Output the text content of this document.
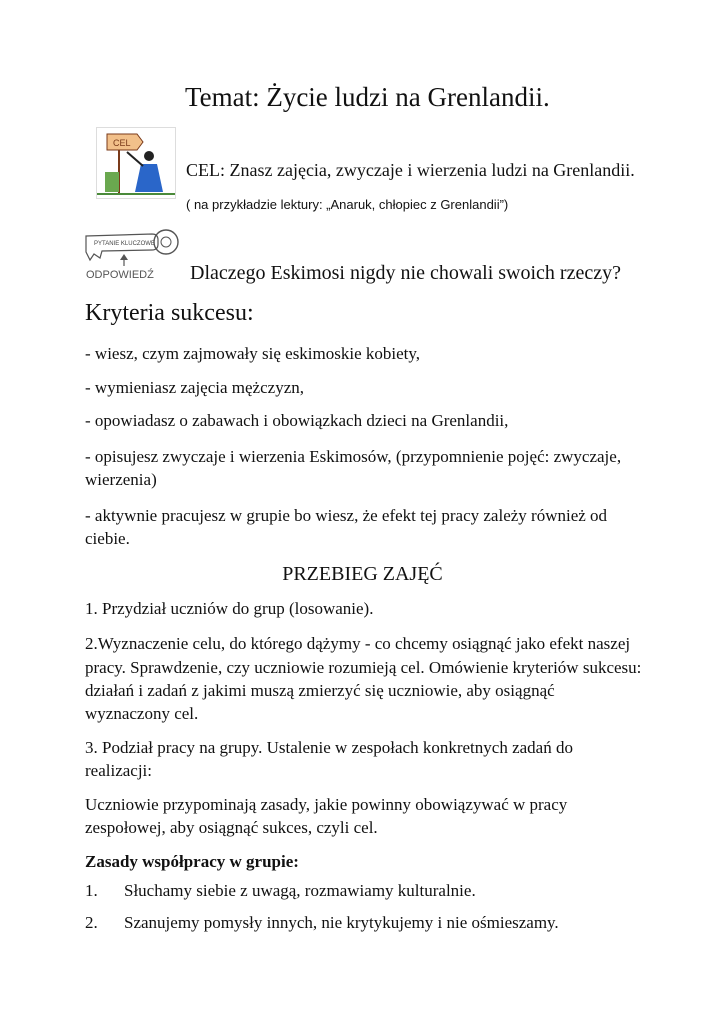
Temat: Życie ludzi na Grenlandii.
CEL
CEL: Znasz zajęcia, zwyczaje i wierzenia ludzi na Grenlandii.
( na przykładzie lektury: „Anaruk, chłopiec z Grenlandii”)
PYTANIE KLUCZOWE
ODPOWIEDŹ Dlaczego Eskimosi nigdy nie chowali swoich rzeczy?
Kryteria sukcesu:
- wiesz, czym zajmowały się eskimoskie kobiety,
- wymieniasz zajęcia mężczyzn,
- opowiadasz o zabawach i obowiązkach dzieci na Grenlandii,
- opisujesz zwyczaje i wierzenia Eskimosów, (przypomnienie pojęć: zwyczaje,
wierzenia)
- aktywnie pracujesz w grupie bo wiesz, że efekt tej pracy zależy również od
ciebie.
PRZEBIEG ZAJĘĆ
1. Przydział uczniów do grup (losowanie).
2.Wyznaczenie celu, do którego dążymy - co chcemy osiągnąć jako efekt naszej
pracy. Sprawdzenie, czy uczniowie rozumieją cel. Omówienie kryteriów sukcesu:
działań i zadań z jakimi muszą zmierzyć się uczniowie, aby osiągnąć
wyznaczony cel.
3. Podział pracy na grupy. Ustalenie w zespołach konkretnych zadań do
realizacji:
Uczniowie przypominają zasady, jakie powinny obowiązywać w pracy
zespołowej, aby osiągnąć sukces, czyli cel.
Zasady współpracy w grupie:
1. Słuchamy siebie z uwagą, rozmawiamy kulturalnie.
2. Szanujemy pomysły innych, nie krytykujemy i nie ośmieszamy.
